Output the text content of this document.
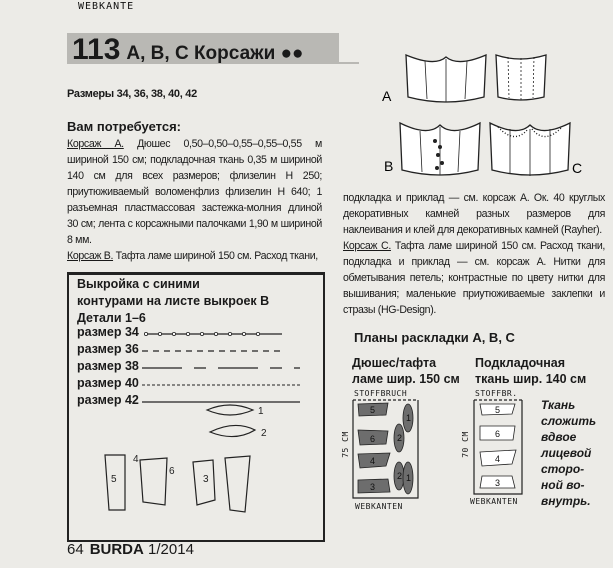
WEBKANTE
113 A, B, C Корсажи ●●
Размеры 34, 36, 38, 40, 42
Вам потребуется:
Корсаж А. Дюшес 0,50–0,50–0,55–0,55–0,55 м шириной 150 см; подкладочная ткань 0,35 м шириной 140 см для всех размеров; флизелин H 250; приутюживаемый воломенфлиз флизелин H 640; 1 разъемная пластмассовая застежка-молния длиной 30 см; лента с корсажными палочками 1,90 м шириной 8 мм.
Корсаж B. Тафта ламе шириной 150 см. Расход ткани,
A
B	C
подкладка и приклад — см. корсаж А. Ок. 40 круглых декоративных камней разных размеров для наклеивания и клей для декоративных камней (Rayher).
Корсаж C. Тафта ламе шириной 150 см. Расход ткани, подкладка и приклад — см. корсаж А. Нитки для обметывания петель; контрастные по цвету нитки для вышивания; маленькие приутюживаемые заклепки и стразы (HG-Design).
Выкройка с синими
контурами на листе выкроек B
Детали 1–6
размер 34
размер 36
размер 38
размер 40
размер 42
1
2
5
6
4
3
Планы раскладки A, B, C
Дюшес/тафта
ламе шир. 150 см
Подкладочная
ткань шир. 140 см
STOFFBRUCH	STOFFBR.
75 CM	70 CM
WEBKANTEN
WEBKANTEN
5
6
4
3
1
2
2 1
5
6
4
3
Ткань
сложить
вдвое
лицевой
сторо-
ной во-
внутрь.
64 BURDA 1/2014
